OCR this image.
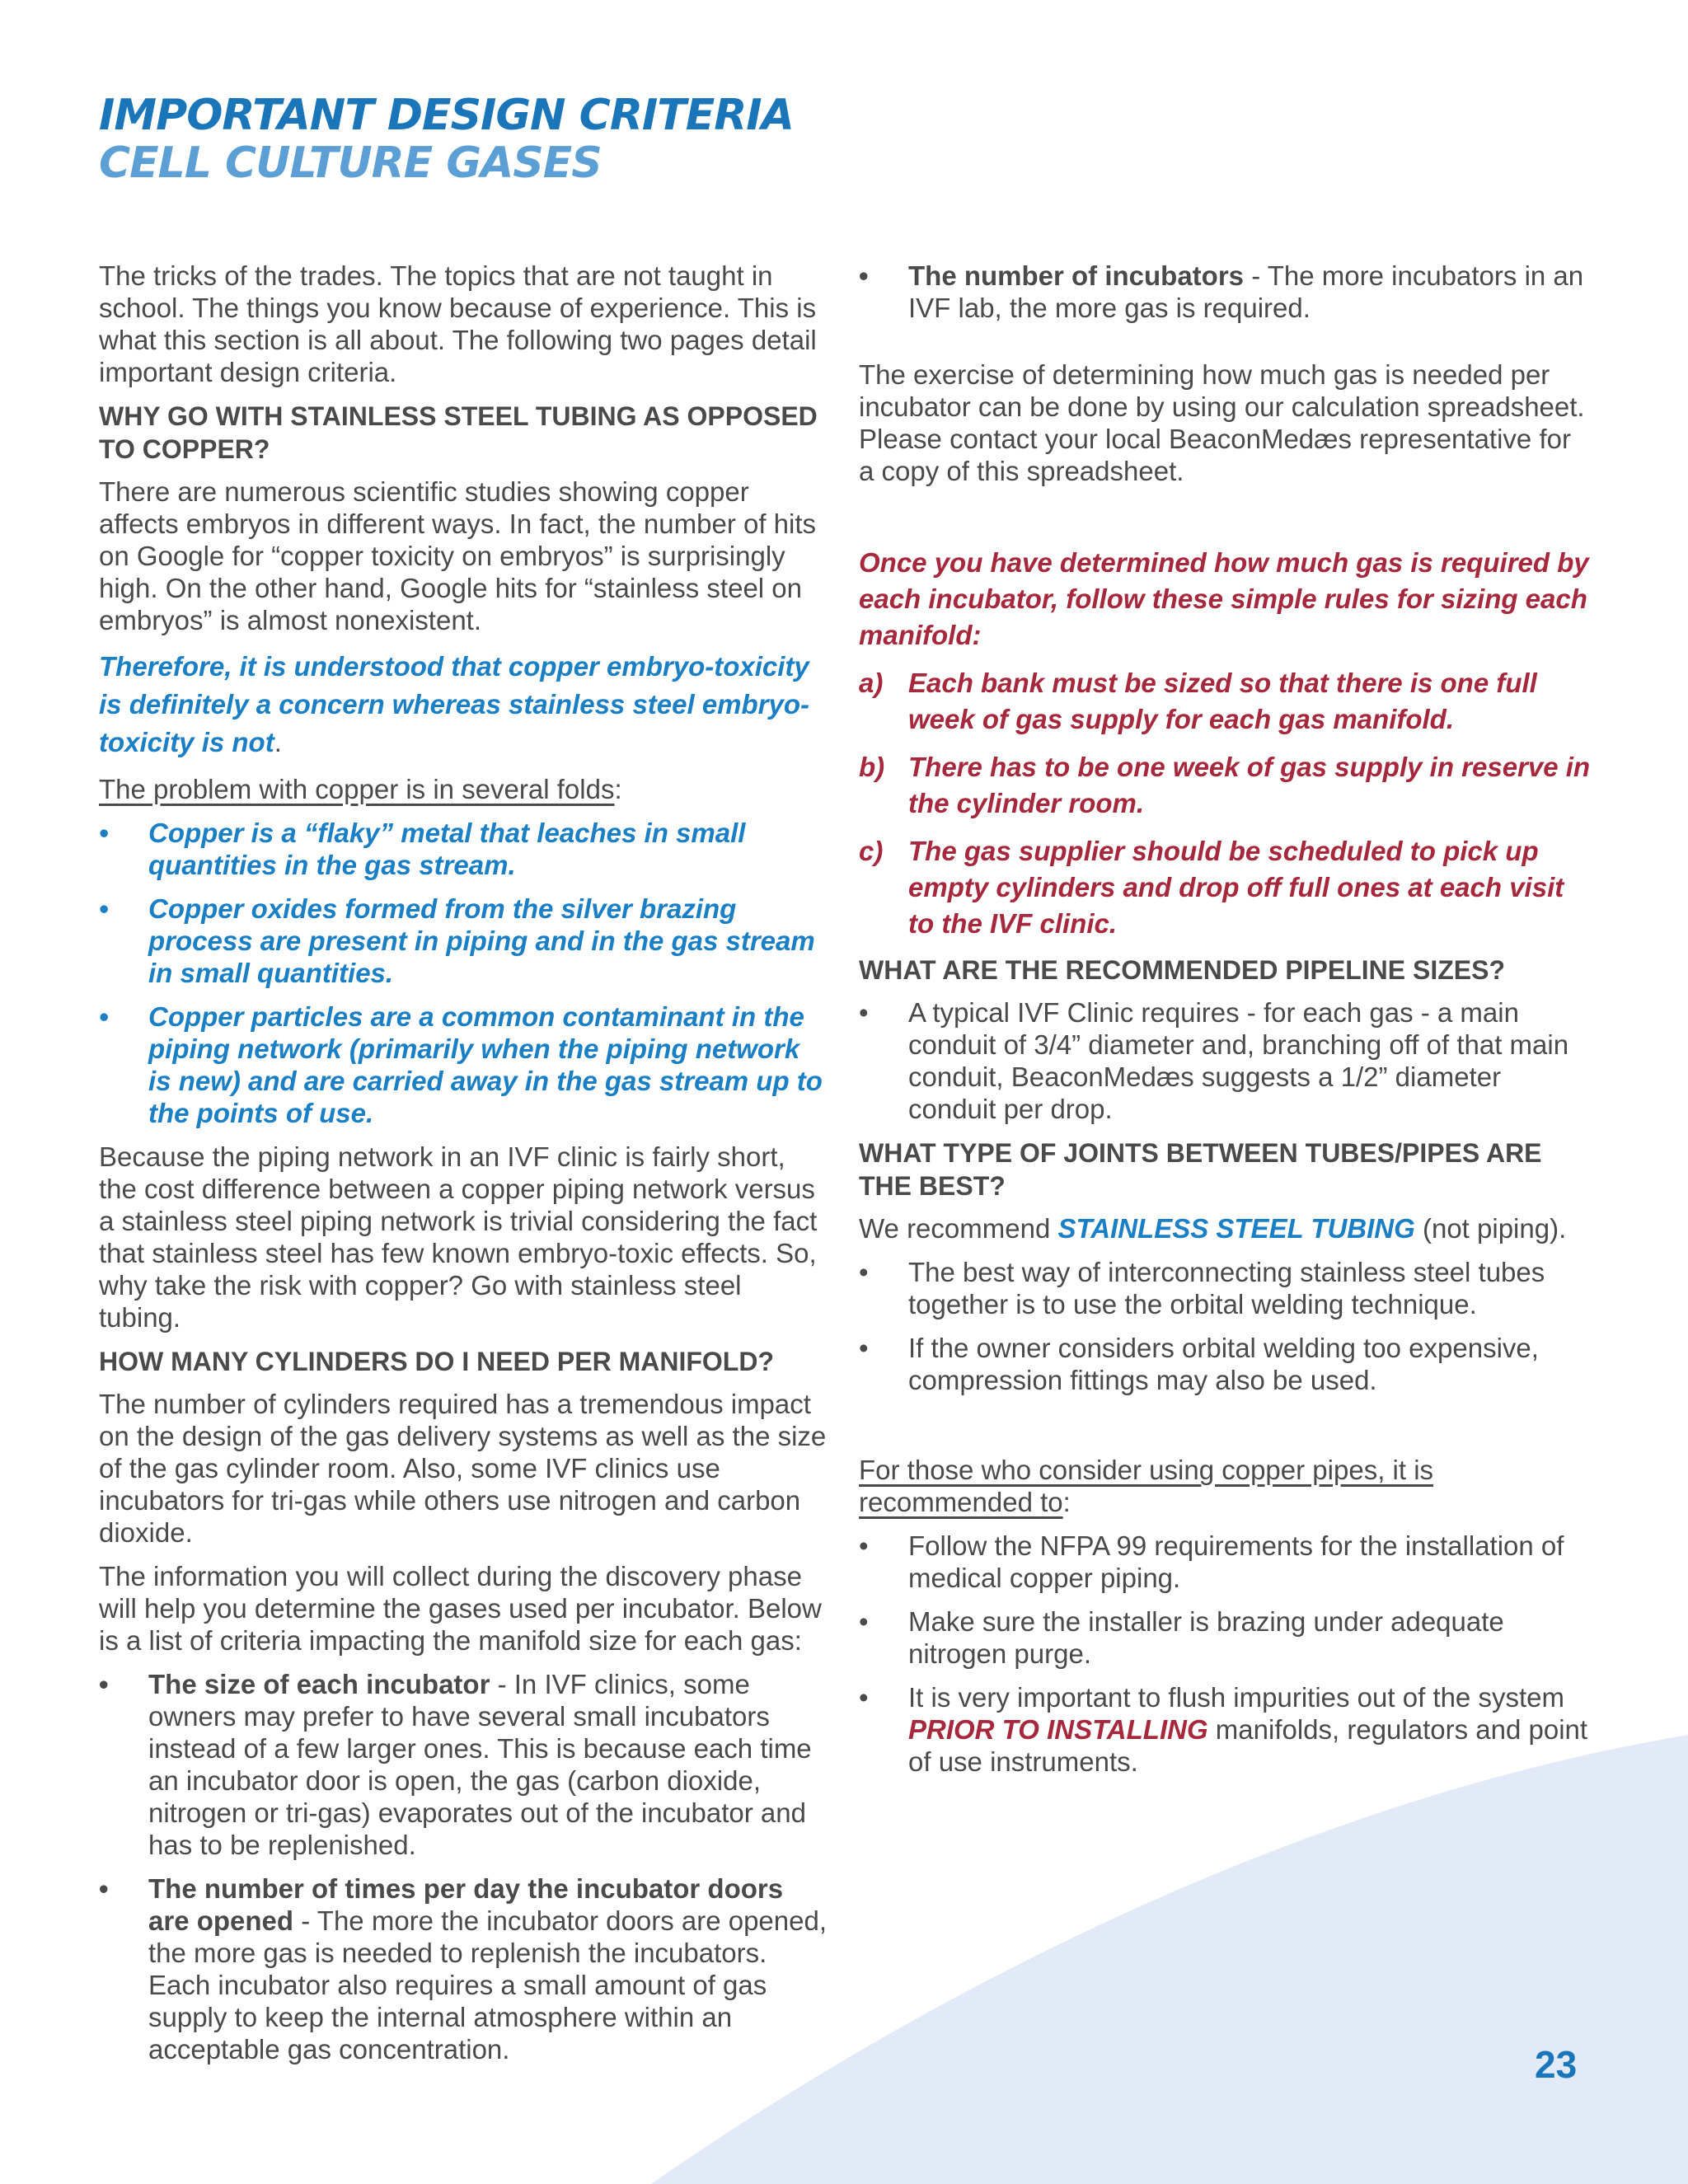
IMPORTANT DESIGN CRITERIA
CELL CULTURE GASES

The tricks of the trades. The topics that are not taught in school. The things you know because of experience. This is what this section is all about. The following two pages detail important design criteria.

WHY GO WITH STAINLESS STEEL TUBING AS OPPOSED TO COPPER?

There are numerous scientific studies showing copper affects embryos in different ways. In fact, the number of hits on Google for “copper toxicity on embryos” is surprisingly high. On the other hand, Google hits for “stainless steel on embryos” is almost nonexistent.

Therefore, it is understood that copper embryo-toxicity is definitely a concern whereas stainless steel embryo-toxicity is not.

The problem with copper is in several folds:

•	Copper is a “flaky” metal that leaches in small quantities in the gas stream.
•	Copper oxides formed from the silver brazing process are present in piping and in the gas stream in small quantities.
•	Copper particles are a common contaminant in the piping network (primarily when the piping network is new) and are carried away in the gas stream up to the points of use.

Because the piping network in an IVF clinic is fairly short, the cost difference between a copper piping network versus a stainless steel piping network is trivial considering the fact that stainless steel has few known embryo-toxic effects. So, why take the risk with copper? Go with stainless steel tubing.

HOW MANY CYLINDERS DO I NEED PER MANIFOLD?

The number of cylinders required has a tremendous impact on the design of the gas delivery systems as well as the size of the gas cylinder room. Also, some IVF clinics use incubators for tri-gas while others use nitrogen and carbon dioxide.

The information you will collect during the discovery phase will help you determine the gases used per incubator. Below is a list of criteria impacting the manifold size for each gas:

•	The size of each incubator - In IVF clinics, some owners may prefer to have several small incubators instead of a few larger ones. This is because each time an incubator door is open, the gas (carbon dioxide, nitrogen or tri-gas) evaporates out of the incubator and has to be replenished.
•	The number of times per day the incubator doors are opened - The more the incubator doors are opened, the more gas is needed to replenish the incubators. Each incubator also requires a small amount of gas supply to keep the internal atmosphere within an acceptable gas concentration.
•	The number of incubators - The more incubators in an IVF lab, the more gas is required.

The exercise of determining how much gas is needed per incubator can be done by using our calculation spreadsheet. Please contact your local BeaconMedæs representative for a copy of this spreadsheet.

Once you have determined how much gas is required by each incubator, follow these simple rules for sizing each manifold:

a) Each bank must be sized so that there is one full week of gas supply for each gas manifold.
b) There has to be one week of gas supply in reserve in the cylinder room.
c) The gas supplier should be scheduled to pick up empty cylinders and drop off full ones at each visit to the IVF clinic.
WHAT ARE THE RECOMMENDED PIPELINE SIZES?
•	A typical IVF Clinic requires - for each gas - a main conduit of 3/4” diameter and, branching off of that main conduit, BeaconMedæs suggests a 1/2” diameter conduit per drop.
WHAT TYPE OF JOINTS BETWEEN TUBES/PIPES ARE THE BEST?

We recommend STAINLESS STEEL TUBING (not piping).

•	The best way of interconnecting stainless steel tubes together is to use the orbital welding technique.
•	If the owner considers orbital welding too expensive, compression fittings may also be used.

For those who consider using copper pipes, it is recommended to:

•	Follow the NFPA 99 requirements for the installation of medical copper piping.
•	Make sure the installer is brazing under adequate nitrogen purge.
•	It is very important to flush impurities out of the system PRIOR TO INSTALLING manifolds, regulators and point of use instruments.
23
